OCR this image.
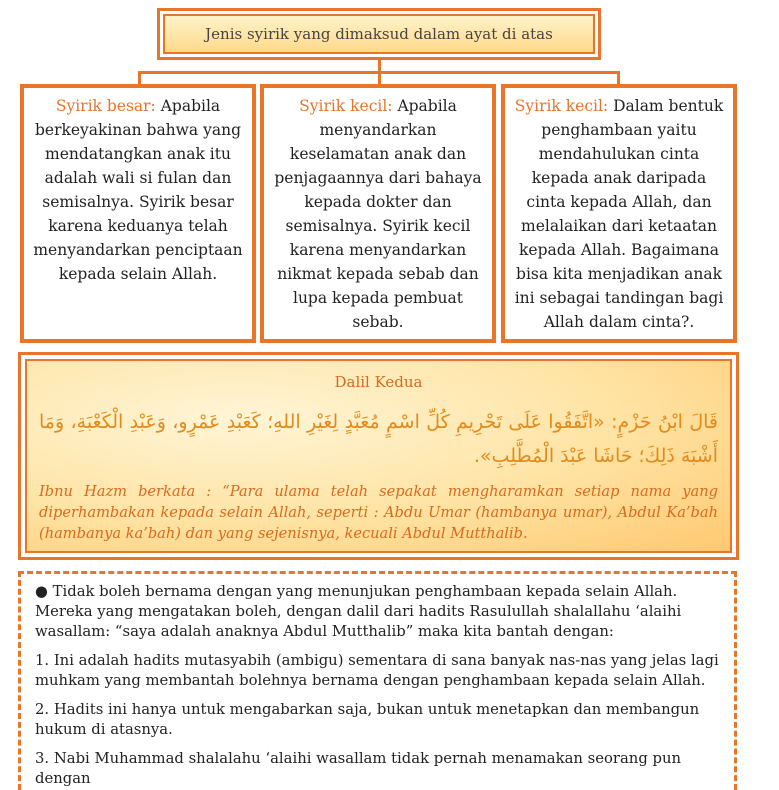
Jenis syirik yang dimaksud dalam ayat di atas
Syirik besar: Apabila berkeyakinan bahwa yang mendatangkan anak itu adalah wali si fulan dan semisalnya. Syirik besar karena keduanya telah menyandarkan penciptaan kepada selain Allah.
Syirik kecil: Apabila menyandarkan keselamatan anak dan penjagaannya dari bahaya kepada dokter dan semisalnya. Syirik kecil karena menyandarkan nikmat kepada sebab dan lupa kepada pembuat sebab.
Syirik kecil: Dalam bentuk penghambaan yaitu mendahulukan cinta kepada anak daripada cinta kepada Allah, dan melalaikan dari ketaatan kepada Allah. Bagaimana bisa kita menjadikan anak ini sebagai tandingan bagi Allah dalam cinta?.
Dalil Kedua
قَالَ ابْنُ حَزْمٍ: «اتَّفَقُوا عَلَى تَحْرِيمِ كُلِّ اسْمٍ مُعَبَّدٍ لِغَيْرِ اللهِ؛ كَعَبْدِ عَمْرٍو، وَعَبْدِ الْكَعْبَةِ، وَمَا أَشْبَهَ ذَلِكَ؛ حَاشَا عَبْدَ الْمُطَّلِبِ».
Ibnu Hazm berkata : “Para ulama telah sepakat mengharamkan setiap nama yang diperhambakan kepada selain Allah, seperti : Abdu Umar (hambanya umar), Abdul Ka’bah (hambanya ka’bah) dan yang sejenisnya, kecuali Abdul Mutthalib.

● Tidak boleh bernama dengan yang menunjukan penghambaan kepada selain Allah. Mereka yang mengatakan boleh, dengan dalil dari hadits Rasulullah shalallahu ‘alaihi wasallam: “saya adalah anaknya Abdul Mutthalib” maka kita bantah dengan:

1. Ini adalah hadits mutasyabih (ambigu) sementara di sana banyak nas-nas yang jelas lagi muhkam yang membantah bolehnya bernama dengan penghambaan kepada selain Allah.

2. Hadits ini hanya untuk mengabarkan saja, bukan untuk menetapkan dan membangun hukum di atasnya.

3. Nabi Muhammad shalalahu ‘alaihi wasallam tidak pernah menamakan seorang pun dengan
